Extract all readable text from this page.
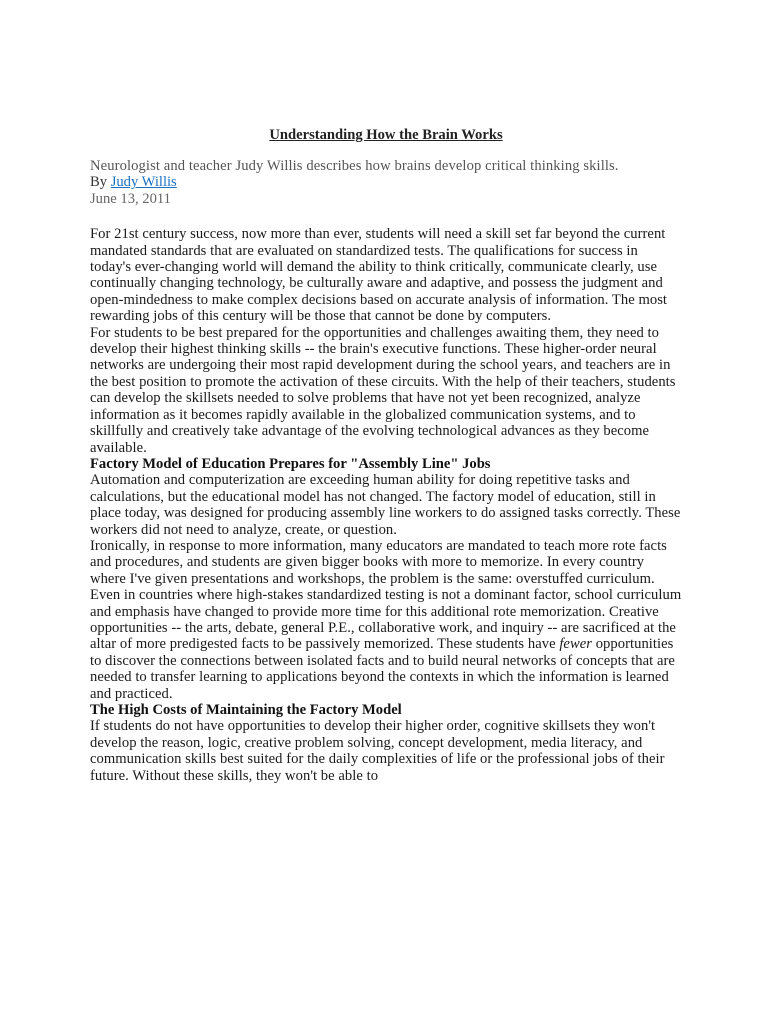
Understanding How the Brain Works

Neurologist and teacher Judy Willis describes how brains develop critical thinking skills.

By Judy Willis

June 13, 2011

For 21st century success, now more than ever, students will need a skill set far beyond the current mandated standards that are evaluated on standardized tests. The qualifications for success in today's ever-changing world will demand the ability to think critically, communicate clearly, use continually changing technology, be culturally aware and adaptive, and possess the judgment and open-mindedness to make complex decisions based on accurate analysis of information. The most rewarding jobs of this century will be those that cannot be done by computers.

For students to be best prepared for the opportunities and challenges awaiting them, they need to develop their highest thinking skills -- the brain's executive functions. These higher-order neural networks are undergoing their most rapid development during the school years, and teachers are in the best position to promote the activation of these circuits. With the help of their teachers, students can develop the skillsets needed to solve problems that have not yet been recognized, analyze information as it becomes rapidly available in the globalized communication systems, and to skillfully and creatively take advantage of the evolving technological advances as they become available.

Factory Model of Education Prepares for "Assembly Line" Jobs

Automation and computerization are exceeding human ability for doing repetitive tasks and calculations, but the educational model has not changed. The factory model of education, still in place today, was designed for producing assembly line workers to do assigned tasks correctly. These workers did not need to analyze, create, or question.

Ironically, in response to more information, many educators are mandated to teach more rote facts and procedures, and students are given bigger books with more to memorize. In every country where I've given presentations and workshops, the problem is the same: overstuffed curriculum.

Even in countries where high-stakes standardized testing is not a dominant factor, school curriculum and emphasis have changed to provide more time for this additional rote memorization. Creative opportunities -- the arts, debate, general P.E., collaborative work, and inquiry -- are sacrificed at the altar of more predigested facts to be passively memorized. These students have fewer opportunities to discover the connections between isolated facts and to build neural networks of concepts that are needed to transfer learning to applications beyond the contexts in which the information is learned and practiced.

The High Costs of Maintaining the Factory Model

If students do not have opportunities to develop their higher order, cognitive skillsets they won't develop the reason, logic, creative problem solving, concept development, media literacy, and communication skills best suited for the daily complexities of life or the professional jobs of their future. Without these skills, they won't be able to
